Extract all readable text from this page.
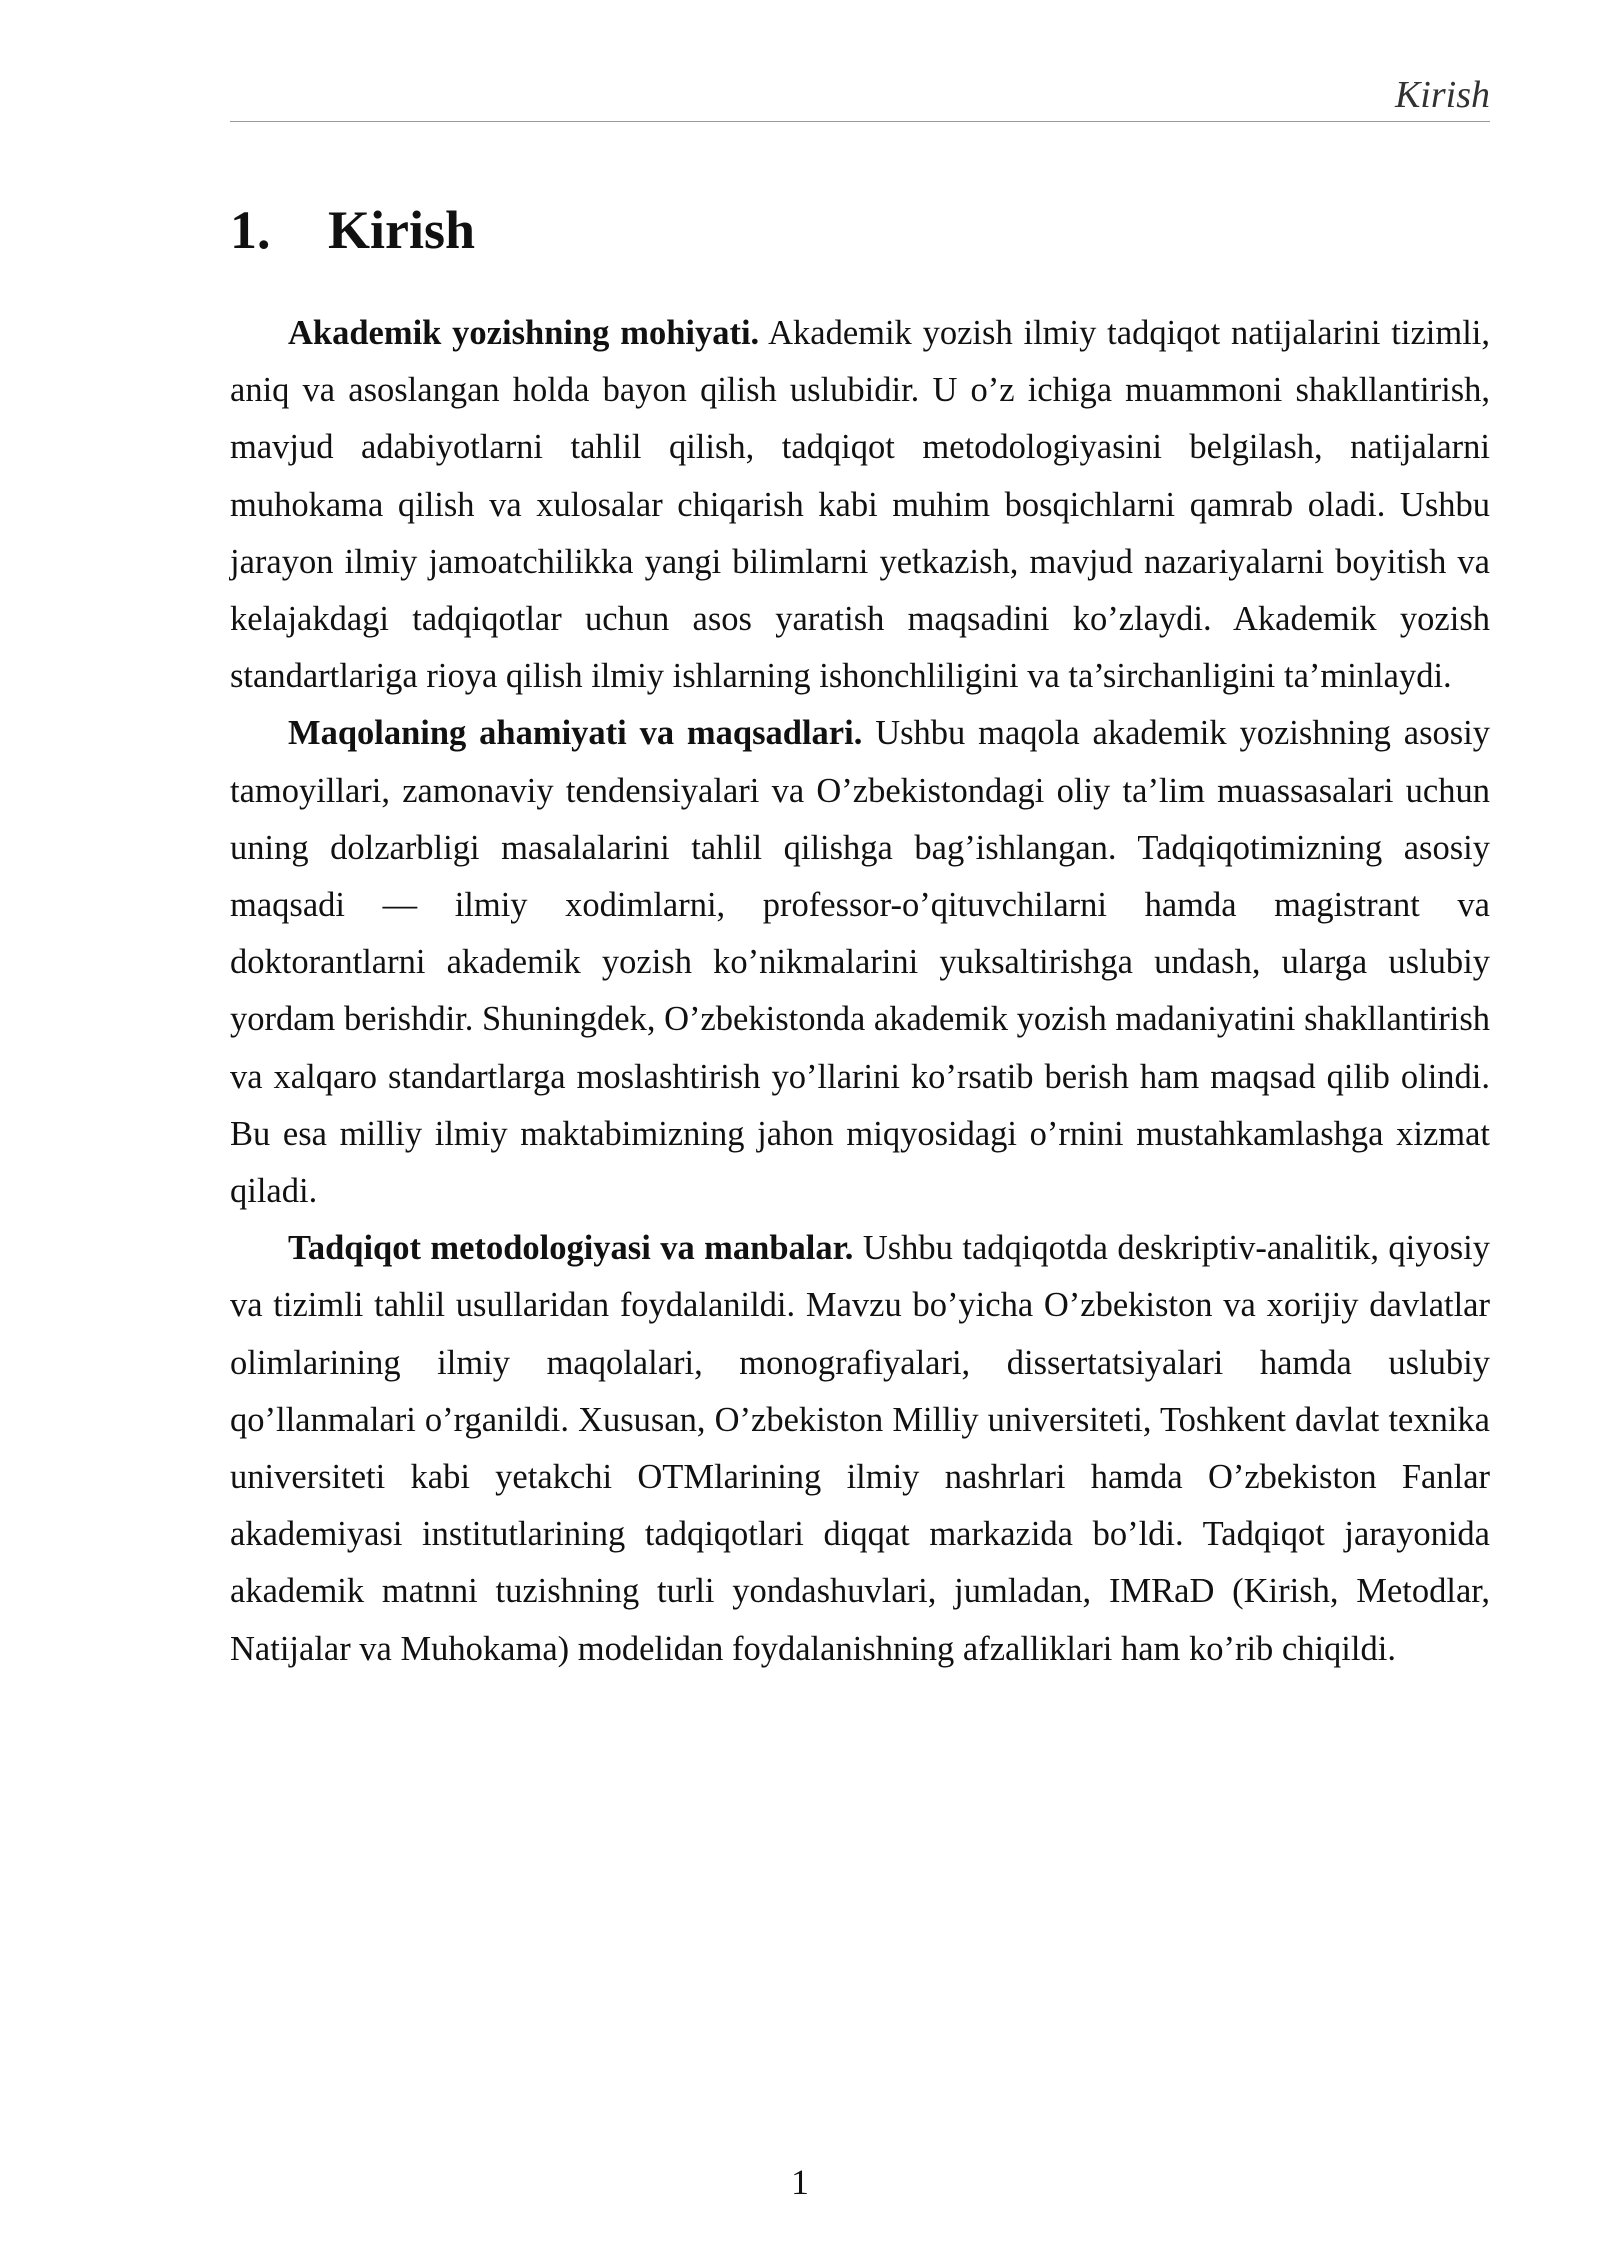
Kirish
1. Kirish

Akademik yozishning mohiyati. Akademik yozish ilmiy tadqiqot natijalarini tizimli, aniq va asoslangan holda bayon qilish uslubidir. U o’z ichiga muammoni shakllantirish, mavjud adabiyotlarni tahlil qilish, tadqiqot metodologiyasini belgilash, natijalarni muhokama qilish va xulosalar chiqarish kabi muhim bosqichlarni qamrab oladi. Ushbu jarayon ilmiy jamoatchilikka yangi bilimlarni yetkazish, mavjud nazariyalarni boyitish va kelajakdagi tadqiqotlar uchun asos yaratish maqsadini ko’zlaydi. Akademik yozish standartlariga rioya qilish ilmiy ishlarning ishonchliligini va ta’sirchanligini ta’minlaydi.

Maqolaning ahamiyati va maqsadlari. Ushbu maqola akademik yozishning asosiy tamoyillari, zamonaviy tendensiyalari va O’zbekistondagi oliy ta’lim muassasalari uchun uning dolzarbligi masalalarini tahlil qilishga bag’ishlangan. Tadqiqotimizning asosiy maqsadi — ilmiy xodimlarni, professor-o’qituvchilarni hamda magistrant va doktorantlarni akademik yozish ko’nikmalarini yuksaltirishga undash, ularga uslubiy yordam berishdir. Shuningdek, O’zbekistonda akademik yozish madaniyatini shakllantirish va xalqaro standartlarga moslashtirish yo’llarini ko’rsatib berish ham maqsad qilib olindi. Bu esa milliy ilmiy maktabimizning jahon miqyosidagi o’rnini mustahkamlashga xizmat qiladi.

Tadqiqot metodologiyasi va manbalar. Ushbu tadqiqotda deskriptiv-analitik, qiyosiy va tizimli tahlil usullaridan foydalanildi. Mavzu bo’yicha O’zbekiston va xorijiy davlatlar olimlarining ilmiy maqolalari, monografiyalari, dissertatsiyalari hamda uslubiy qo’llanmalari o’rganildi. Xususan, O’zbekiston Milliy universiteti, Toshkent davlat texnika universiteti kabi yetakchi OTMlarining ilmiy nashrlari hamda O’zbekiston Fanlar akademiyasi institutlarining tadqiqotlari diqqat markazida bo’ldi. Tadqiqot jarayonida akademik matnni tuzishning turli yondashuvlari, jumladan, IMRaD (Kirish, Metodlar, Natijalar va Muhokama) modelidan foydalanishning afzalliklari ham ko’rib chiqildi.

1
